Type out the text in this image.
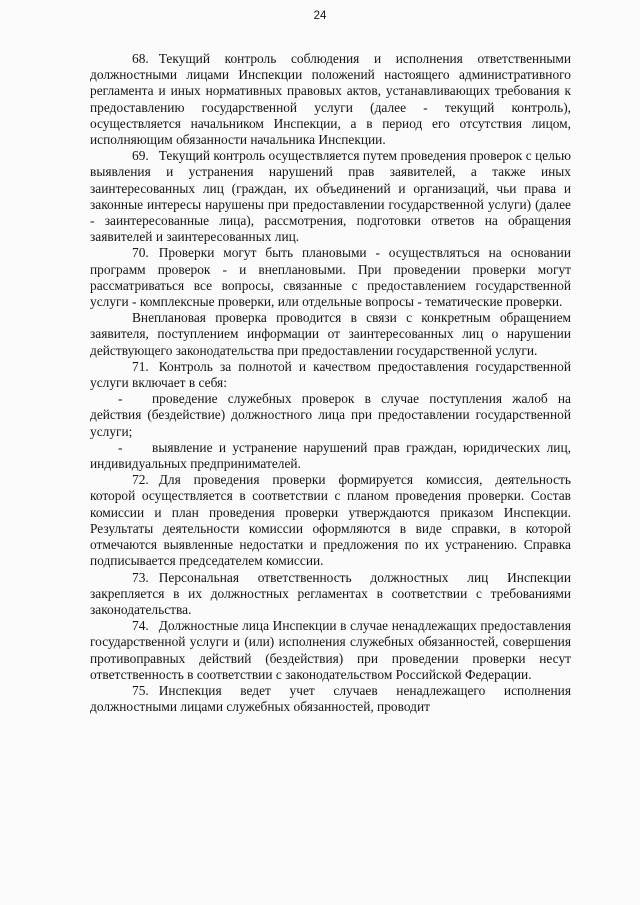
24

68. Текущий контроль соблюдения и исполнения ответственными должностными лицами Инспекции положений настоящего административного регламента и иных нормативных правовых актов, устанавливающих требования к предоставлению государственной услуги (далее - текущий контроль), осуществляется начальником Инспекции, а в период его отсутствия лицом, исполняющим обязанности начальника Инспекции.

69. Текущий контроль осуществляется путем проведения проверок с целью выявления и устранения нарушений прав заявителей, а также иных заинтересованных лиц (граждан, их объединений и организаций, чьи права и законные интересы нарушены при предоставлении государственной услуги) (далее - заинтересованные лица), рассмотрения, подготовки ответов на обращения заявителей и заинтересованных лиц.

70. Проверки могут быть плановыми - осуществляться на основании программ проверок - и внеплановыми. При проведении проверки могут рассматриваться все вопросы, связанные с предоставлением государственной услуги - комплексные проверки, или отдельные вопросы - тематические проверки.

Внеплановая проверка проводится в связи с конкретным обращением заявителя, поступлением информации от заинтересованных лиц о нарушении действующего законодательства при предоставлении государственной услуги.

71. Контроль за полнотой и качеством предоставления государственной услуги включает в себя:

- проведение служебных проверок в случае поступления жалоб на действия (бездействие) должностного лица при предоставлении государственной услуги;

- выявление и устранение нарушений прав граждан, юридических лиц, индивидуальных предпринимателей.

72. Для проведения проверки формируется комиссия, деятельность которой осуществляется в соответствии с планом проведения проверки. Состав комиссии и план проведения проверки утверждаются приказом Инспекции. Результаты деятельности комиссии оформляются в виде справки, в которой отмечаются выявленные недостатки и предложения по их устранению. Справка подписывается председателем комиссии.

73. Персональная ответственность должностных лиц Инспекции закрепляется в их должностных регламентах в соответствии с требованиями законодательства.

74. Должностные лица Инспекции в случае ненадлежащих предоставления государственной услуги и (или) исполнения служебных обязанностей, совершения противоправных действий (бездействия) при проведении проверки несут ответственность в соответствии с законодательством Российской Федерации.

75. Инспекция ведет учет случаев ненадлежащего исполнения должностными лицами служебных обязанностей, проводит
